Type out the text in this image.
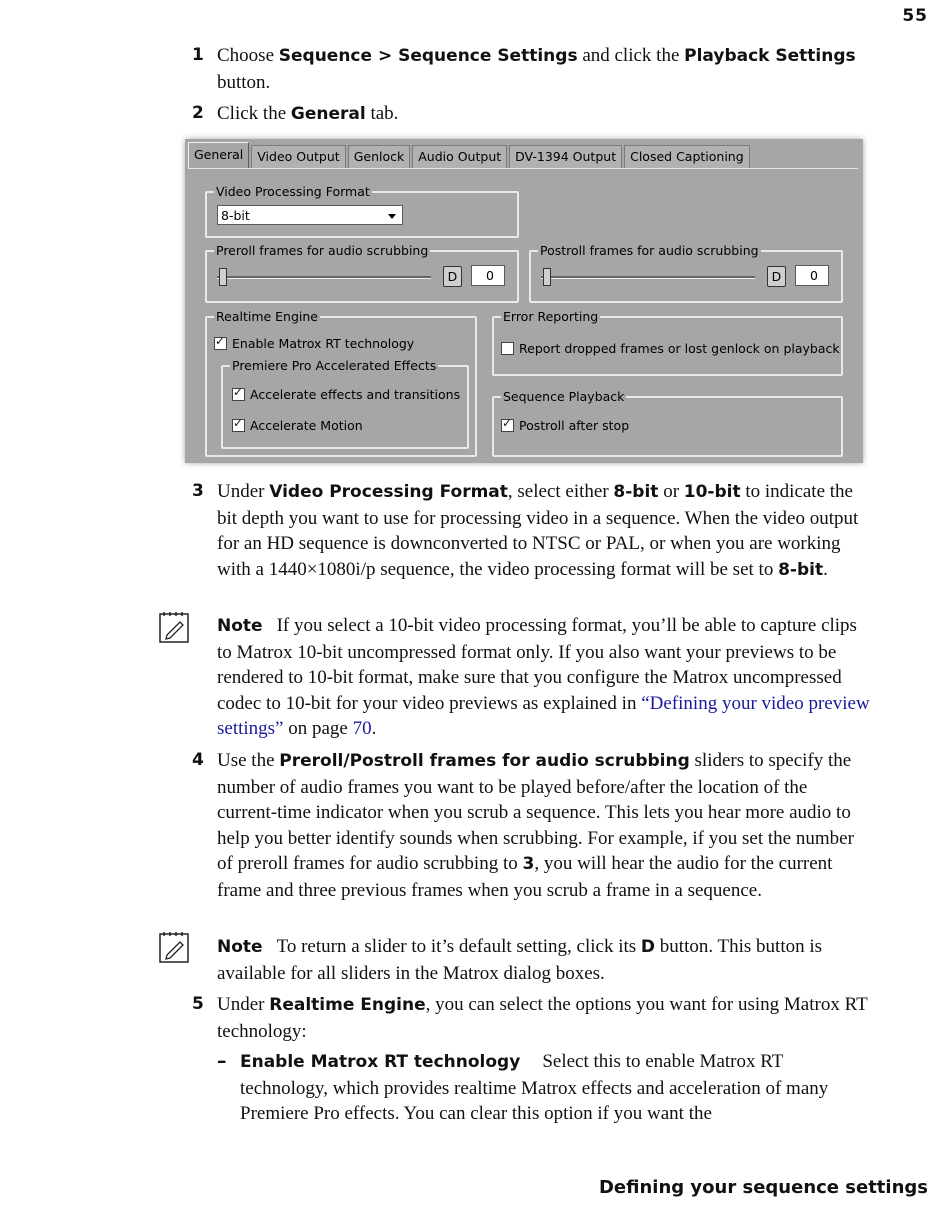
55
1 Choose Sequence > Sequence Settings and click the Playback Settings button.
2 Click the General tab.
General	Video Output	Genlock	Audio Output	DV-1394 Output	Closed Captioning
Video Processing Format
8-bit
Preroll frames for audio scrubbing
D	0
Postroll frames for audio scrubbing
D	0
Realtime Engine
✓
Enable Matrox RT technology
Premiere Pro Accelerated Effects
✓
Accelerate effects and transitions
✓
Accelerate Motion
Error Reporting
Report dropped frames or lost genlock on playback
Sequence Playback
✓
Postroll after stop
3 Under Video Processing Format, select either 8-bit or 10-bit to indicate the bit depth you want to use for processing video in a sequence. When the video output for an HD sequence is downconverted to NTSC or PAL, or when you are working with a 1440×1080i/p sequence, the video processing format will be set to 8-bit.
Note If you select a 10-bit video processing format, you’ll be able to capture clips to Matrox 10-bit uncompressed format only. If you also want your previews to be rendered to 10-bit format, make sure that you configure the Matrox uncompressed codec to 10-bit for your video previews as explained in “Defining your video preview settings” on page 70.
4 Use the Preroll/Postroll frames for audio scrubbing sliders to specify the number of audio frames you want to be played before/after the location of the current-time indicator when you scrub a sequence. This lets you hear more audio to help you better identify sounds when scrubbing. For example, if you set the number of preroll frames for audio scrubbing to 3, you will hear the audio for the current frame and three previous frames when you scrub a frame in a sequence.
Note To return a slider to it’s default setting, click its D button. This button is available for all sliders in the Matrox dialog boxes.
5 Under Realtime Engine, you can select the options you want for using Matrox RT technology:
– Enable Matrox RT technology Select this to enable Matrox RT technology, which provides realtime Matrox effects and acceleration of many Premiere Pro effects. You can clear this option if you want the
Defining your sequence settings
